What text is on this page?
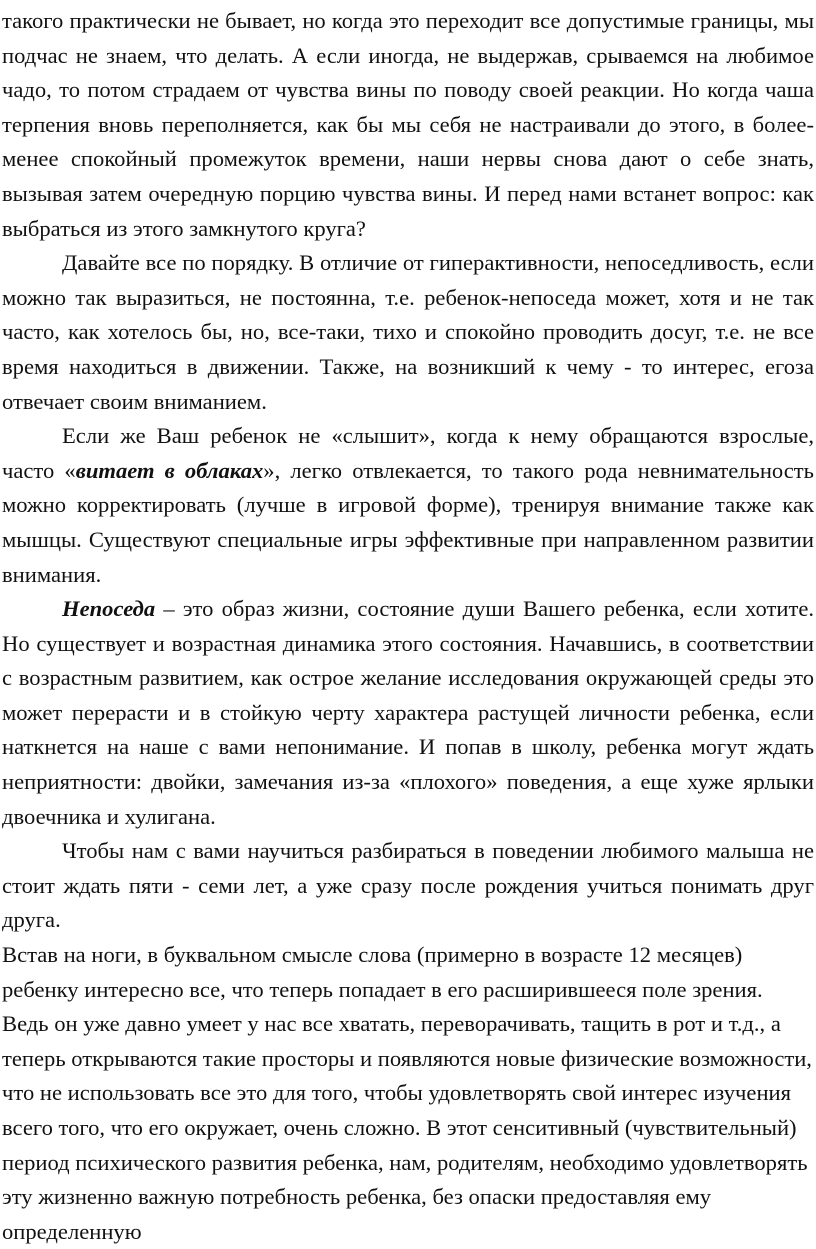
такого практически не бывает, но когда это переходит все допустимые границы, мы подчас не знаем, что делать. А если иногда, не выдержав, срываемся на любимое чадо, то потом страдаем от чувства вины по поводу своей реакции. Но когда чаша терпения вновь переполняется, как бы мы себя не настраивали до этого, в более-менее спокойный промежуток времени, наши нервы снова дают о себе знать, вызывая затем очередную порцию чувства вины. И перед нами встанет вопрос: как выбраться из этого замкнутого круга?

Давайте все по порядку. В отличие от гиперактивности, непоседливость, если можно так выразиться, не постоянна, т.е. ребенок-непоседа может, хотя и не так часто, как хотелось бы, но, все-таки, тихо и спокойно проводить досуг, т.е. не все время находиться в движении. Также, на возникший к чему - то интерес, егоза отвечает своим вниманием.

Если же Ваш ребенок не «слышит», когда к нему обращаются взрослые, часто «витает в облаках», легко отвлекается, то такого рода невнимательность можно корректировать (лучше в игровой форме), тренируя внимание также как мышцы. Существуют специальные игры эффективные при направленном развитии внимания.

Непоседа – это образ жизни, состояние души Вашего ребенка, если хотите. Но существует и возрастная динамика этого состояния. Начавшись, в соответствии с возрастным развитием, как острое желание исследования окружающей среды это может перерасти и в стойкую черту характера растущей личности ребенка, если наткнется на наше с вами непонимание. И попав в школу, ребенка могут ждать неприятности: двойки, замечания из-за «плохого» поведения, а еще хуже ярлыки двоечника и хулигана.

Чтобы нам с вами научиться разбираться в поведении любимого малыша не стоит ждать пяти - семи лет, а уже сразу после рождения учиться понимать друг друга.

Встав на ноги, в буквальном смысле слова (примерно в возрасте 12 месяцев) ребенку интересно все, что теперь попадает в его расширившееся поле зрения. Ведь он уже давно умеет у нас все хватать, переворачивать, тащить в рот и т.д., а теперь открываются такие просторы и появляются новые физические возможности, что не использовать все это для того, чтобы удовлетворять свой интерес изучения всего того, что его окружает, очень сложно. В этот сенситивный (чувствительный) период психического развития ребенка, нам, родителям, необходимо удовлетворять эту жизненно важную потребность ребенка, без опаски предоставляя ему определенную
